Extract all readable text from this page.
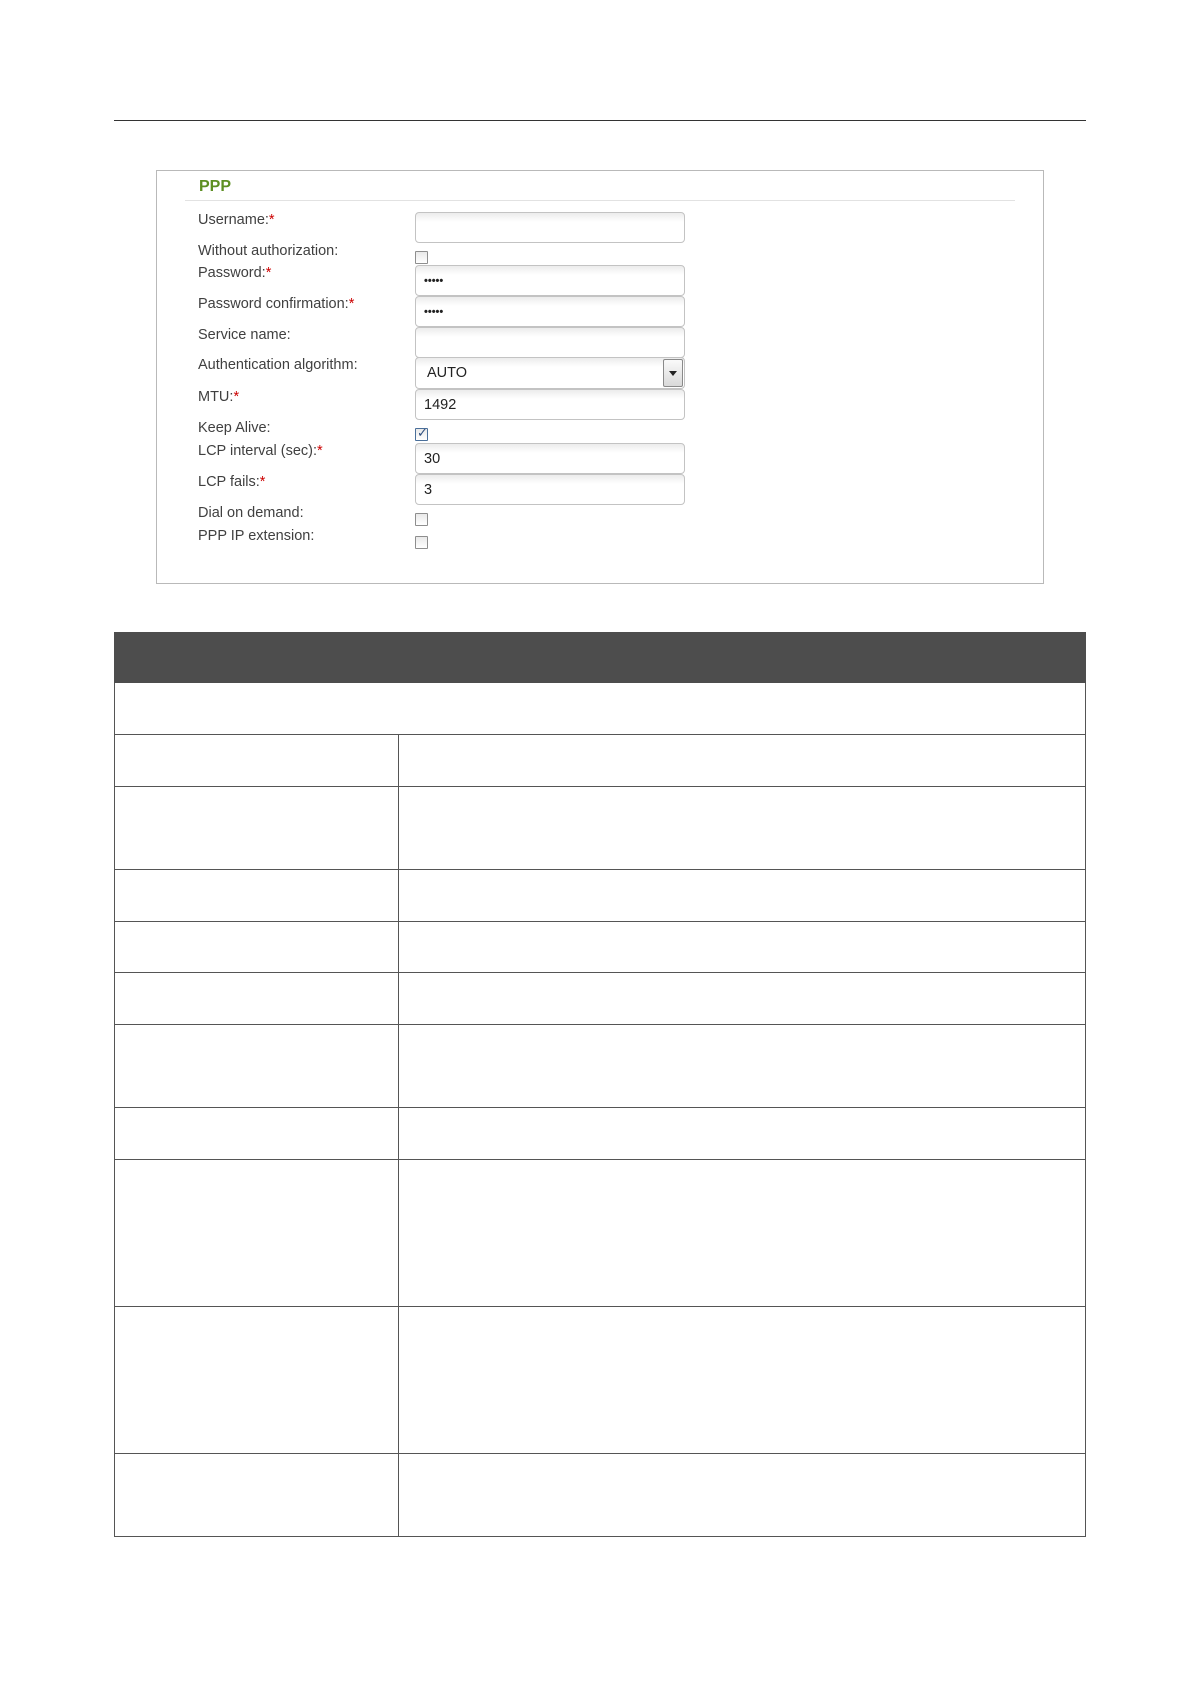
PPP
Username:*
Without authorization:
Password:*
•••••
Password confirmation:*
•••••
Service name:
Authentication algorithm:	AUTO
MTU:*
1492
Keep Alive:	✓
LCP interval (sec):*
30
LCP fails:*
3
Dial on demand:
PPP IP extension:
